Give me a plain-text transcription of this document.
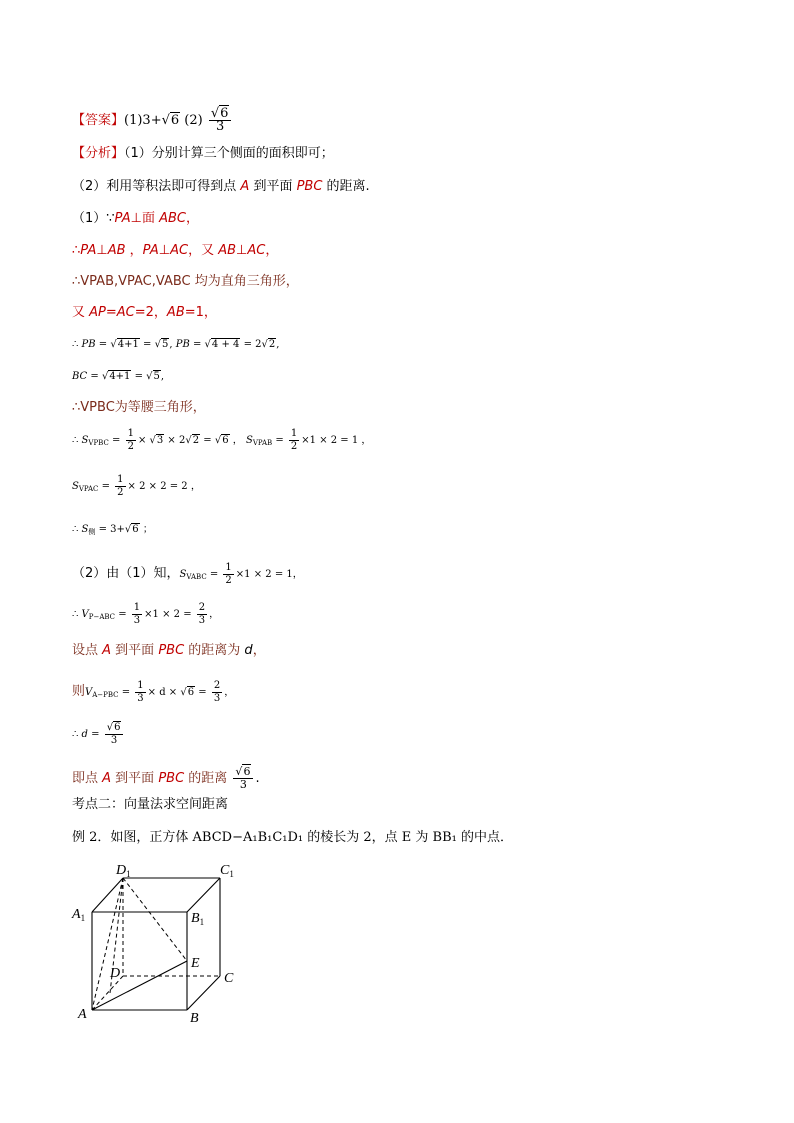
【答案】(1)3+√6 $(2) \frac{√6}{3}$
【分析】（1）分别计算三个侧面的面积即可；
（2）利用等积法即可得到点 A 到平面 PBC 的距离.
（1）∵PA⊥面 ABC，
∴PA⊥AB ，PA⊥AC，又 AB⊥AC，
∴VPAB,VPAC,VABC 均为直角三角形，
又 AP=AC=2，AB=1，
∴ PB = √4+1 = √5, PB = √4 + 4 = 2√2,
BC = √4+1 = √5,
∴VPBC为等腰三角形，
∴ $S_{VPBC} = \frac{1}{2} \times √3 \times 2√2 = √6$ ， $S_{VPAB} = \frac{1}{2} \times 1 \times 2 = 1$ ，
$S_{VPAC} = \frac{1}{2} \times 2 \times 2 = 2$ ，
∴ $S_侧 = 3+√6$ ；
（2）由（1）知，$S_{VABC} = \frac{1}{2} \times 1 \times 2 = 1$，
∴ $V_{P-ABC} = \frac{1}{3} \times 1 \times 2 = \frac{2}{3}$ ，
设点 A 到平面 PBC 的距离为 d，
则$V_{A-PBC} = \frac{1}{3} \times d \times √6 = \frac{2}{3}$ ，
∴ $d = \frac{√6}{3}$
即点 A 到平面 PBC 的距离 $\frac{√6}{3}$ .
考点二：向量法求空间距离
例 2．如图，正方体 ABCD−A₁B₁C₁D₁ 的棱长为 2，点 E 为 BB₁ 的中点．
$D_1$	$C_1$
$A_1$	$B_1$
E
D	C
A	B
